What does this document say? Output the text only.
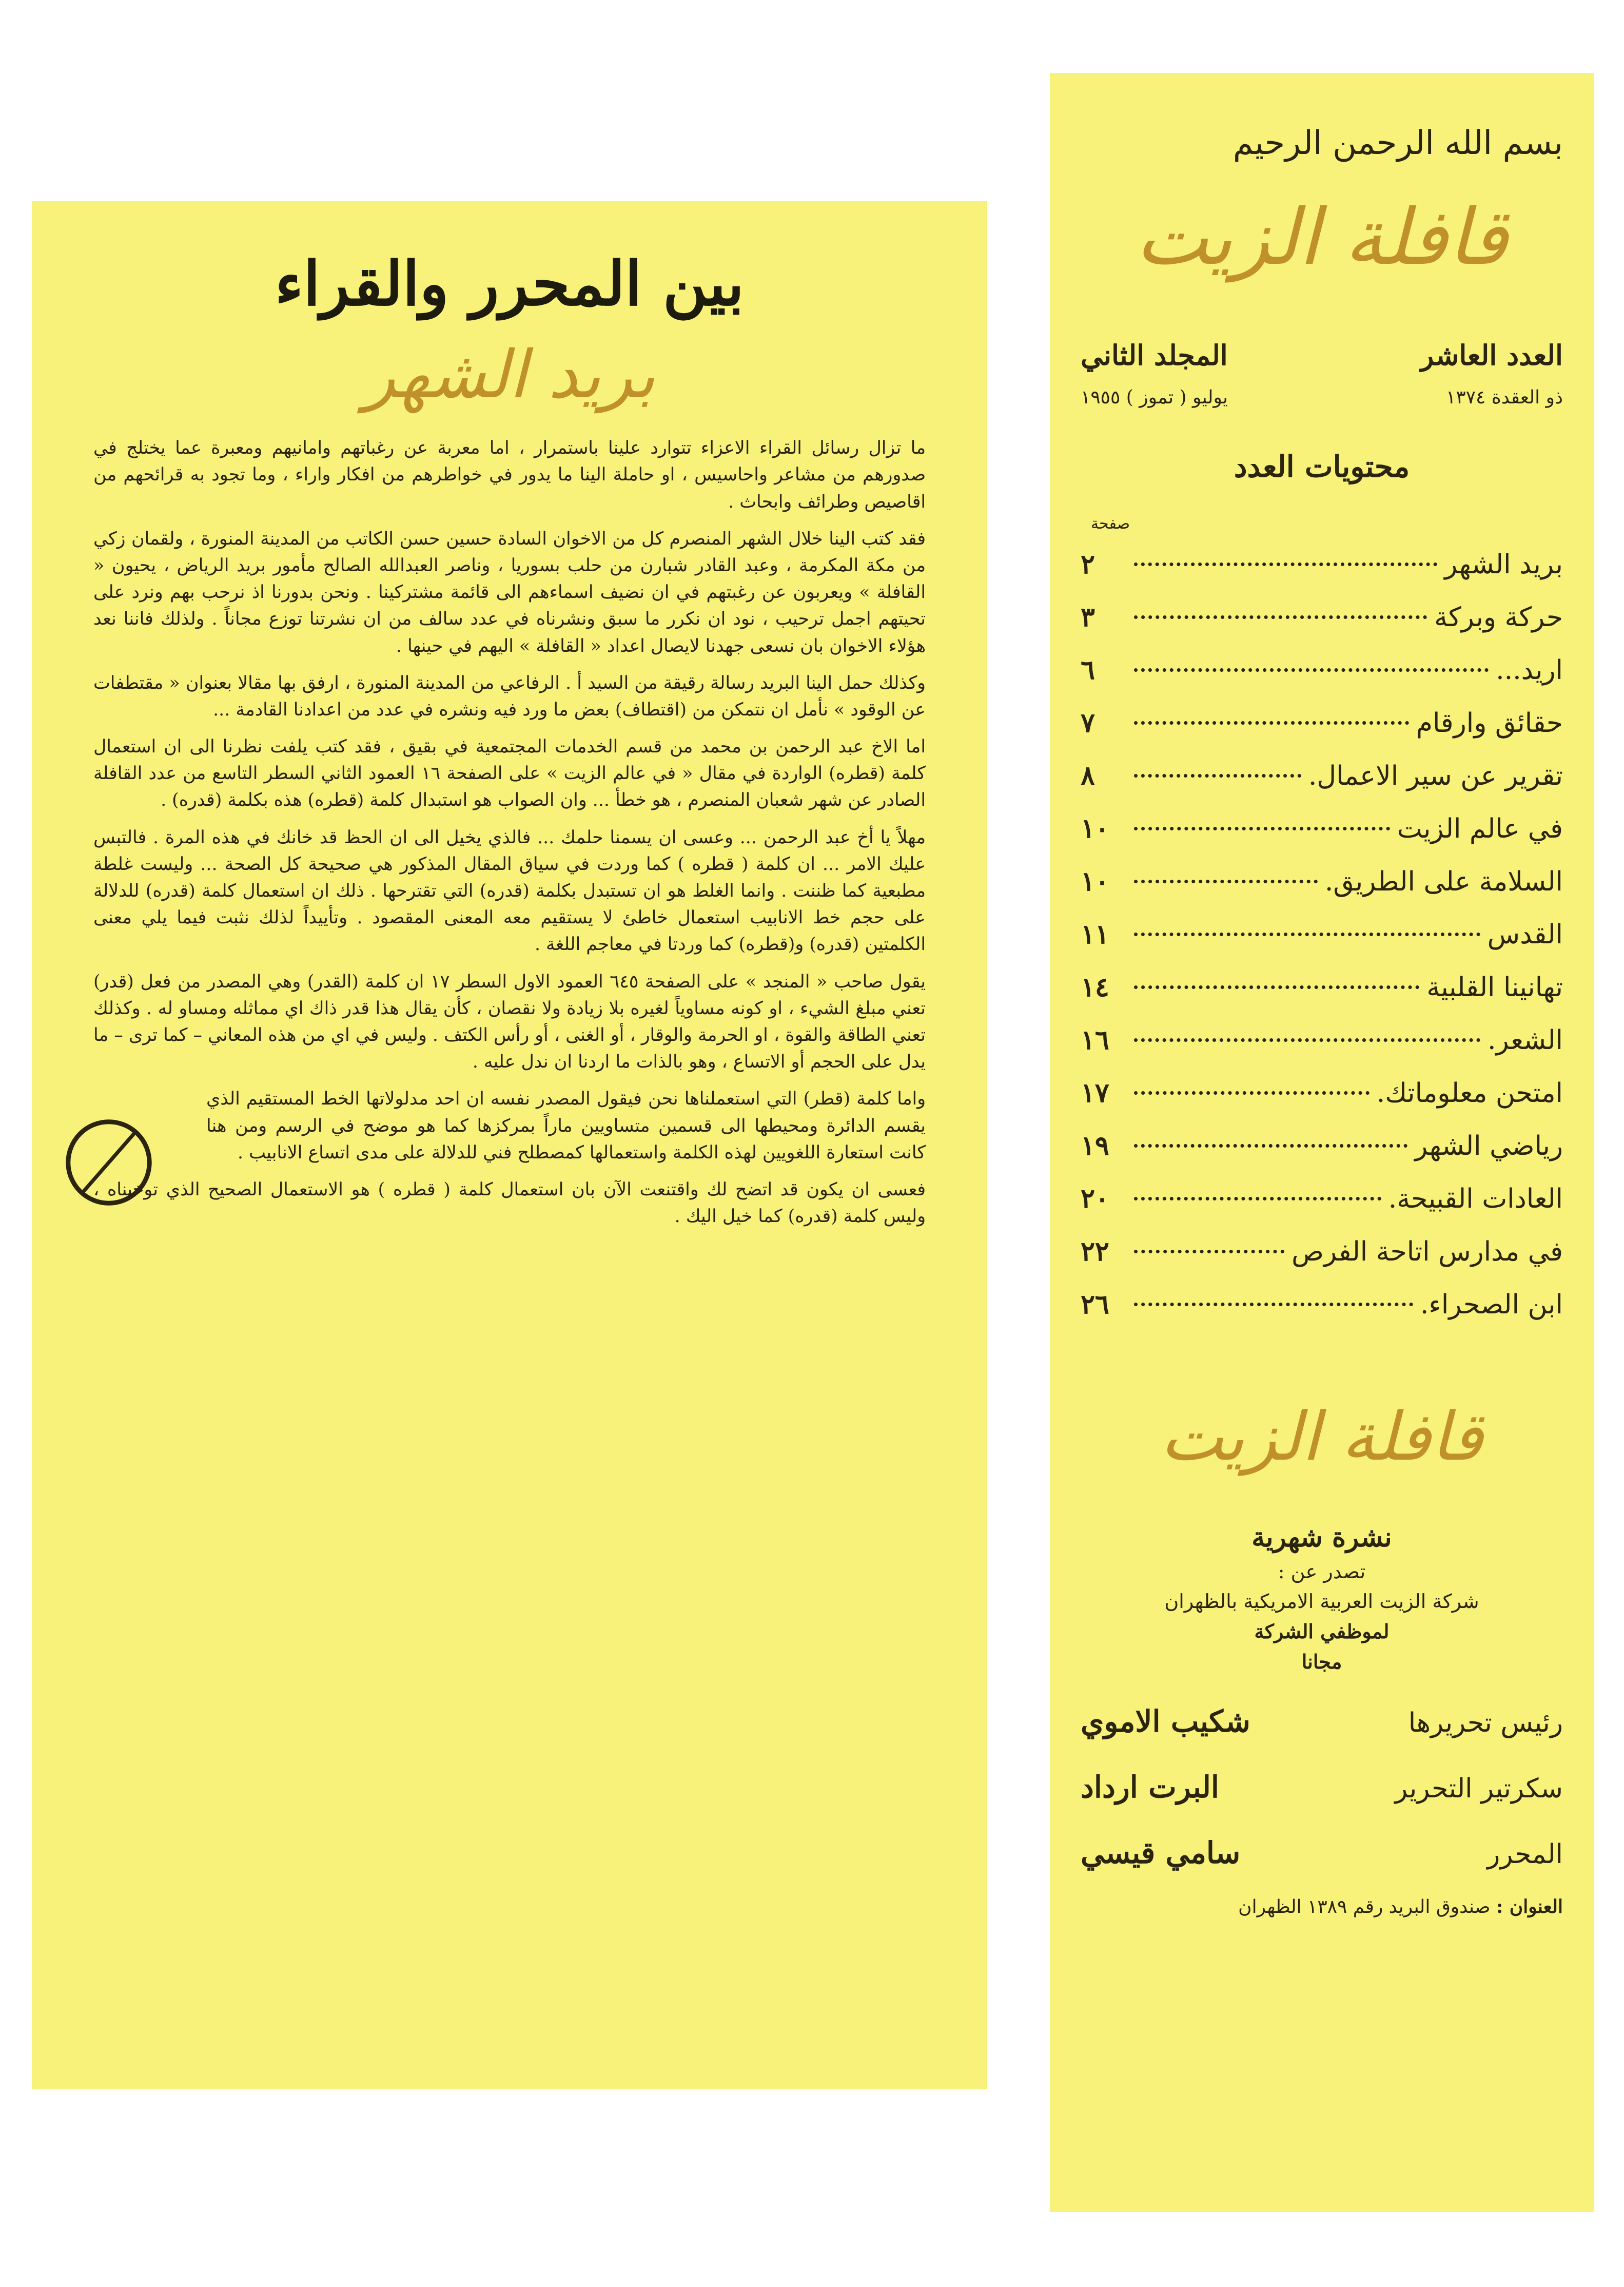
بين المحرر والقراء
بريد الشهر

ما تزال رسائل القراء الاعزاء تتوارد علينا باستمرار ، اما معربة عن رغباتهم وامانيهم ومعبرة عما يختلج في صدورهم من مشاعر واحاسيس ، او حاملة الينا ما يدور في خواطرهم من افكار واراء ، وما تجود به قرائحهم من اقاصيص وطرائف وابحاث .

فقد كتب الينا خلال الشهر المنصرم كل من الاخوان السادة حسين حسن الكاتب من المدينة المنورة ، ولقمان زكي من مكة المكرمة ، وعبد القادر شبارن من حلب بسوريا ، وناصر العبدالله الصالح مأمور بريد الرياض ، يحيون « القافلة » ويعربون عن رغبتهم في ان نضيف اسماءهم الى قائمة مشتركينا . ونحن بدورنا اذ نرحب بهم ونرد على تحيتهم اجمل ترحيب ، نود ان نكرر ما سبق ونشرناه في عدد سالف من ان نشرتنا توزع مجاناً . ولذلك فاننا نعد هؤلاء الاخوان بان نسعى جهدنا لايصال اعداد « القافلة » اليهم في حينها .

وكذلك حمل الينا البريد رسالة رقيقة من السيد أ . الرفاعي من المدينة المنورة ، ارفق بها مقالا بعنوان « مقتطفات عن الوقود » نأمل ان نتمكن من (اقتطاف) بعض ما ورد فيه ونشره في عدد من اعدادنا القادمة ...

اما الاخ عبد الرحمن بن محمد من قسم الخدمات المجتمعية في بقيق ، فقد كتب يلفت نظرنا الى ان استعمال كلمة (قطره) الواردة في مقال « في عالم الزيت » على الصفحة ١٦ العمود الثاني السطر التاسع من عدد القافلة الصادر عن شهر شعبان المنصرم ، هو خطأ ... وان الصواب هو استبدال كلمة (قطره) هذه بكلمة (قدره) .

مهلاً يا أخ عبد الرحمن ... وعسى ان يسمنا حلمك ... فالذي يخيل الى ان الحظ قد خانك في هذه المرة . فالتبس عليك الامر ... ان كلمة ( قطره ) كما وردت في سياق المقال المذكور هي صحيحة كل الصحة ... وليست غلطة مطبعية كما ظننت . وانما الغلط هو ان تستبدل بكلمة (قدره) التي تقترحها . ذلك ان استعمال كلمة (قدره) للدلالة على حجم خط الانابيب استعمال خاطئ لا يستقيم معه المعنى المقصود . وتأييداً لذلك نثبت فيما يلي معنى الكلمتين (قدره) و(قطره) كما وردتا في معاجم اللغة .

يقول صاحب « المنجد » على الصفحة ٦٤٥ العمود الاول السطر ١٧ ان كلمة (القدر) وهي المصدر من فعل (قدر) تعني مبلغ الشيء ، او كونه مساوياً لغيره بلا زيادة ولا نقصان ، كأن يقال هذا قدر ذاك اي مماثله ومساو له . وكذلك تعني الطاقة والقوة ، او الحرمة والوقار ، أو الغنى ، أو رأس الكتف . وليس في اي من هذه المعاني – كما ترى – ما يدل على الحجم أو الاتساع ، وهو بالذات ما اردنا ان ندل عليه .

واما كلمة (قطر) التي استعملناها نحن فيقول المصدر نفسه ان احد مدلولاتها الخط المستقيم الذي يقسم الدائرة ومحيطها الى قسمين متساويين ماراً بمركزها كما هو موضح في الرسم ومن هنا كانت استعارة اللغويين لهذه الكلمة واستعمالها كمصطلح فني للدلالة على مدى اتساع الانابيب .

فعسى ان يكون قد اتضح لك واقتنعت الآن بان استعمال كلمة ( قطره ) هو الاستعمال الصحيح الذي توخيناه ، وليس كلمة (قدره) كما خيل اليك .

بسم الله الرحمن الرحيم
قافلة الزيت
العدد العاشر
المجلد الثاني
ذو العقدة ١٣٧٤
يوليو ( تموز ) ١٩٥٥
محتويات العدد
صفحة
بريد الشهر
٢
حركة وبركة
٣
اريد...
٦
حقائق وارقام
٧
تقرير عن سير الاعمال.
٨
في عالم الزيت
١٠
السلامة على الطريق.
١٠
القدس
١١
تهانينا القلبية
١٤
الشعر.
١٦
امتحن معلوماتك.
١٧
رياضي الشهر
١٩
العادات القبيحة.
٢٠
في مدارس اتاحة الفرص
٢٢
ابن الصحراء.
٢٦
قافلة الزيت
نشرة شهرية
تصدر عن :
شركة الزيت العربية الامريكية بالظهران
لموظفي الشركة
مجانا
رئيس تحريرها
شكيب الاموي
سكرتير التحرير
البرت ارداد
المحرر
سامي قيسي
العنوان : صندوق البريد رقم ١٣٨٩ الظهران
